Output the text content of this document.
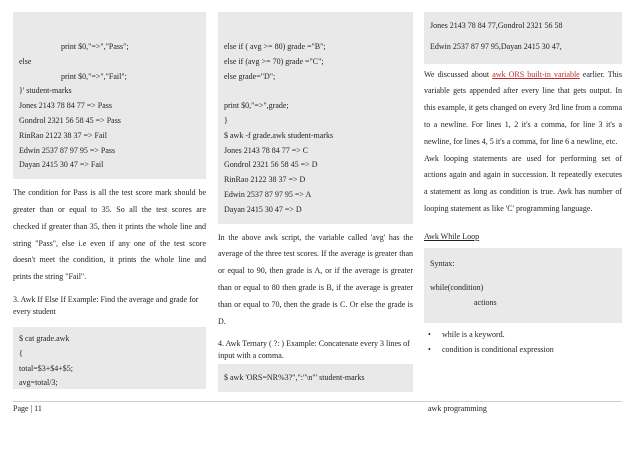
print $0,"=>","Pass";
else
print $0,"=>","Fail";
}' student-marks
Jones 2143 78 84 77 => Pass
Gondrol 2321 56 58 45 => Pass
RinRao 2122 38 37 => Fail
Edwin 2537 87 97 95 => Pass
Dayan 2415 30 47 => Fail
The condition for Pass is all the test score mark should be greater than or equal to 35. So all the test scores are checked if greater than 35, then it prints the whole line and string "Pass", else i.e even if any one of the test score doesn't meet the condition, it prints the whole line and prints the string "Fail".
3. Awk If Else If Example: Find the average and grade for every student
$ cat grade.awk
{
total=$3+$4+$5;
avg=total/3;
else if ( avg >= 80) grade ="B";
else if (avg >= 70) grade ="C";
else grade="D";

print $0,"=>",grade;
}
$ awk -f grade.awk student-marks
Jones 2143 78 84 77 => C
Gondrol 2321 56 58 45 => D
RinRao 2122 38 37 => D
Edwin 2537 87 97 95 => A
Dayan 2415 30 47 => D
In the above awk script, the variable called 'avg' has the average of the three test scores. If the average is greater than or equal to 90, then grade is A, or if the average is greater than or equal to 80 then grade is B, if the average is greater than or equal to 70, then the grade is C. Or else the grade is D.
4. Awk Ternary ( ?: ) Example: Concatenate every 3 lines of input with a comma.
$ awk 'ORS=NR%3?",":"\n"' student-marks
Jones 2143 78 84 77,Gondrol 2321 56 58
Edwin 2537 87 97 95,Dayan 2415 30 47,
We discussed about awk ORS built-in variable earlier. This variable gets appended after every line that gets output. In this example, it gets changed on every 3rd line from a comma to a newline. For lines 1, 2 it's a comma, for line 3 it's a newline, for lines 4, 5 it's a comma, for line 6 a newline, etc.
Awk looping statements are used for performing set of actions again and again in succession. It repeatedly executes a statement as long as condition is true. Awk has number of looping statement as like 'C' programming language.
Awk While Loop
Syntax:
while(condition)
actions
• while is a keyword.
• condition is conditional expression
Page | 11	awk programming
